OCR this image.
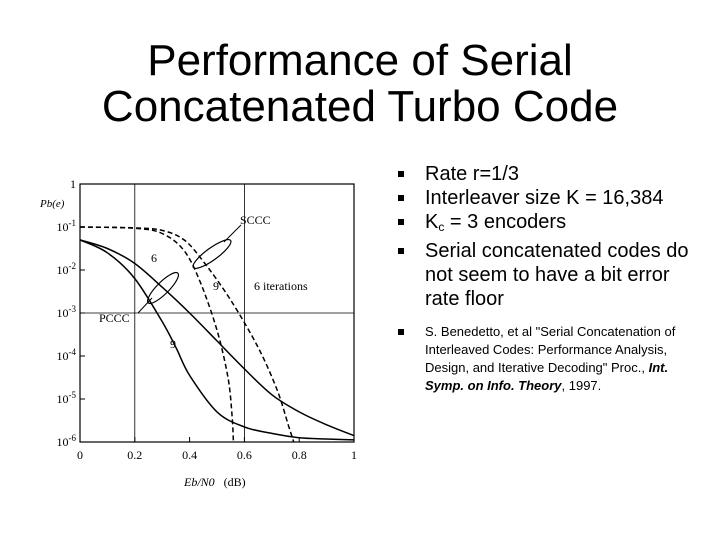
Performance of Serial
Concatenated Turbo Code
0	0.2	0.4	0.6	0.8	1
1
$10^{-1}$
$10^{-2}$
$10^{-3}$
$10^{-4}$
$10^{-5}$
$10^{-6}$
Pb(e)
SCCC
PCCC
6
9	6 iterations
9
Eb/N0 (dB)
Rate r=1/3
Interleaver size K = 16,384
$K_c = 3$ encoders
Serial concatenated codes do not seem to have a bit error rate floor
S. Benedetto, et al "Serial Concatenation of Interleaved Codes: Performance Analysis, Design, and Iterative Decoding" Proc., Int. Symp. on Info. Theory, 1997.
